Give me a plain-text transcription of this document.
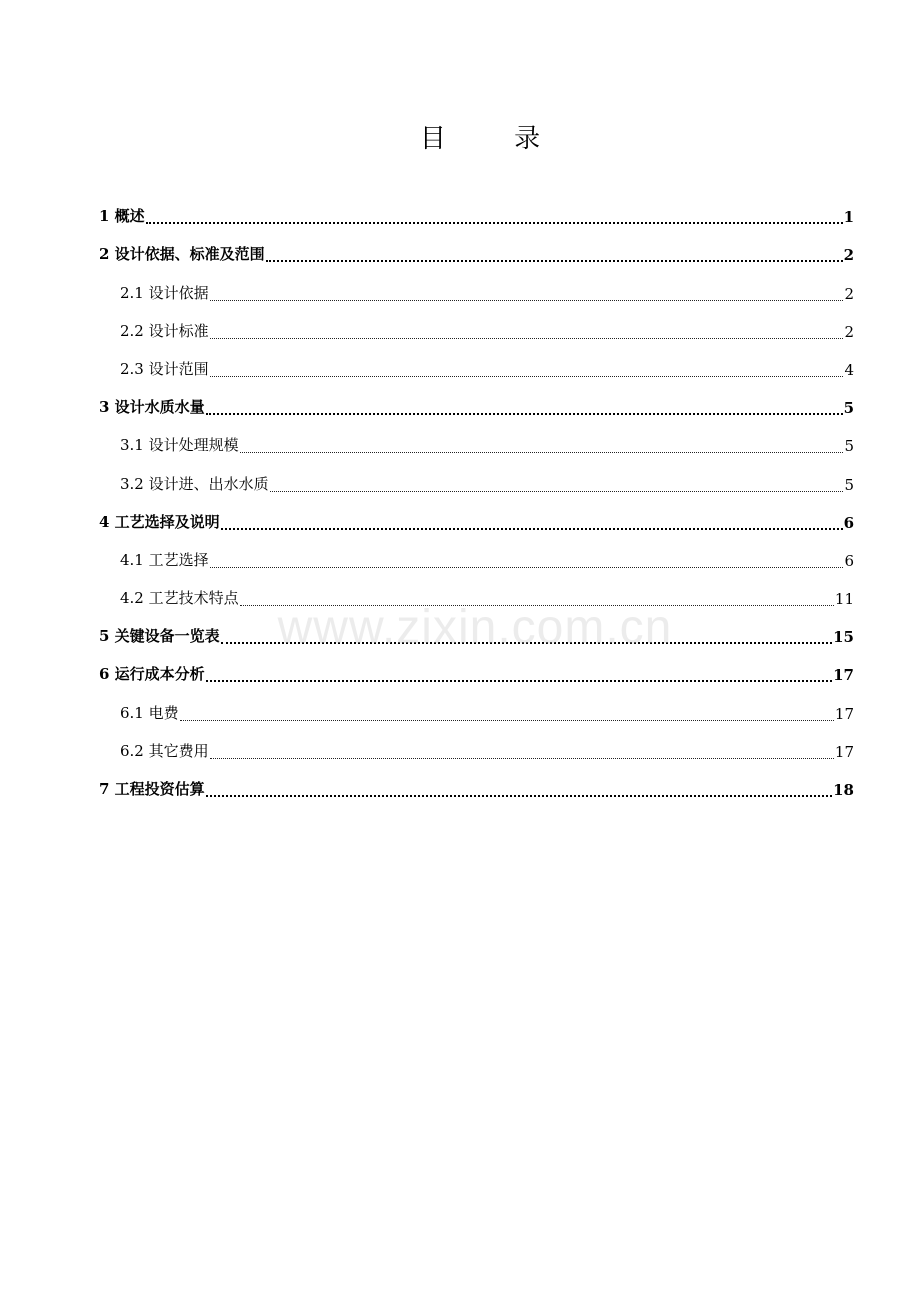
目 录
1 概述	1
2 设计依据、标准及范围	2
2.1 设计依据	2
2.2 设计标准	2
2.3 设计范围	4
3 设计水质水量	5
3.1 设计处理规模	5
3.2 设计进、出水水质	5
4 工艺选择及说明	6
4.1 工艺选择	6
4.2 工艺技术特点	11
5 关键设备一览表	15
6 运行成本分析	17
6.1 电费	17
6.2 其它费用	17
7 工程投资估算	18
www.zixin.com.cn
